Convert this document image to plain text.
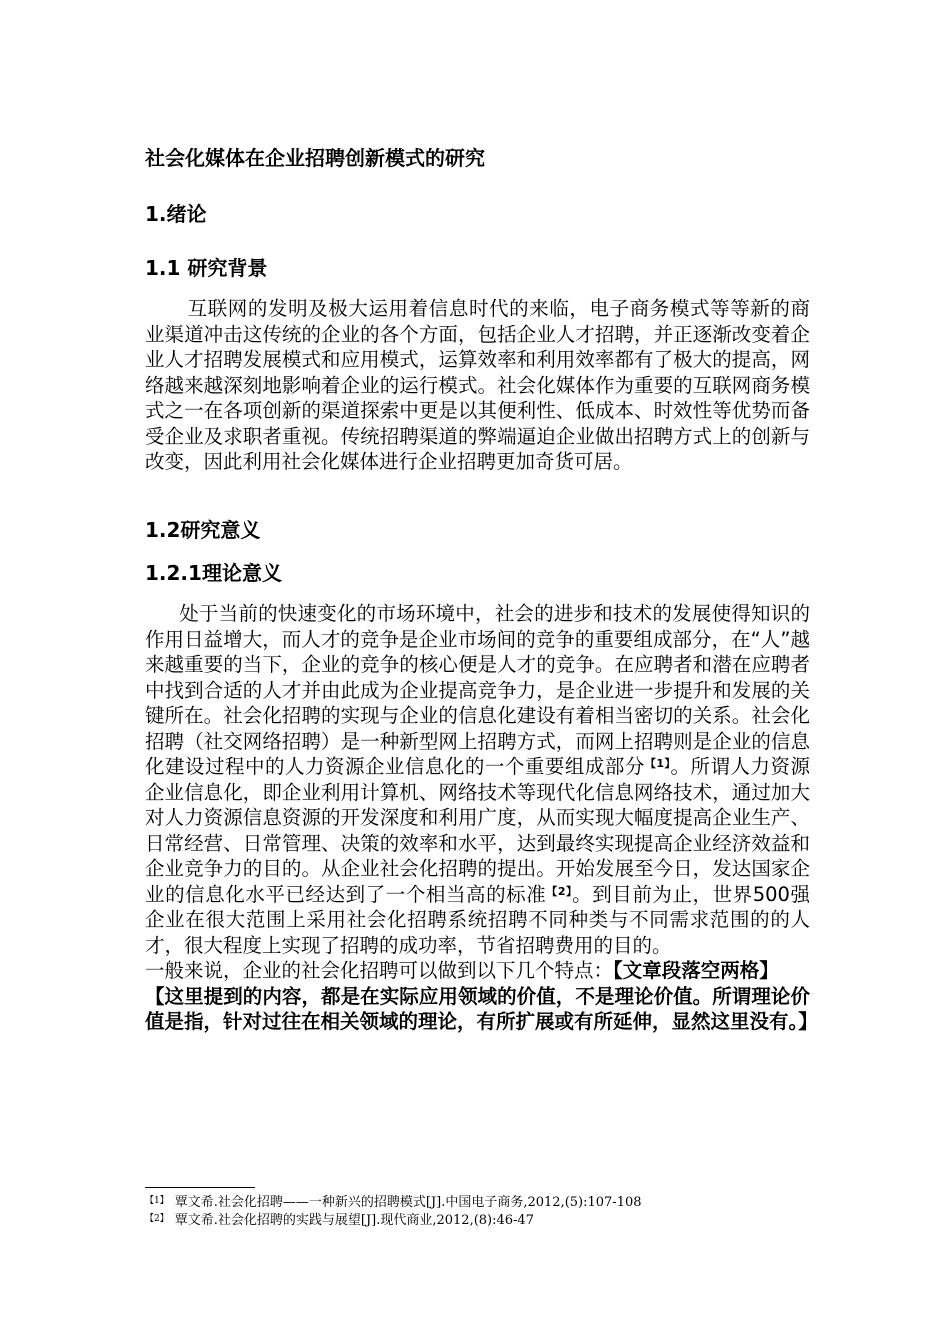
社会化媒体在企业招聘创新模式的研究
1.绪论
1.1 研究背景
互联网的发明及极大运用着信息时代的来临，电子商务模式等等新的商业渠道冲击这传统的企业的各个方面，包括企业人才招聘，并正逐渐改变着企业人才招聘发展模式和应用模式，运算效率和利用效率都有了极大的提高，网络越来越深刻地影响着企业的运行模式。社会化媒体作为重要的互联网商务模式之一在各项创新的渠道探索中更是以其便利性、低成本、时效性等优势而备受企业及求职者重视。传统招聘渠道的弊端逼迫企业做出招聘方式上的创新与改变，因此利用社会化媒体进行企业招聘更加奇货可居。
1.2研究意义
1.2.1理论意义
处于当前的快速变化的市场环境中，社会的进步和技术的发展使得知识的作用日益增大，而人才的竞争是企业市场间的竞争的重要组成部分，在“人”越来越重要的当下，企业的竞争的核心便是人才的竞争。在应聘者和潜在应聘者中找到合适的人才并由此成为企业提高竞争力，是企业进一步提升和发展的关键所在。社会化招聘的实现与企业的信息化建设有着相当密切的关系。社会化招聘（社交网络招聘）是一种新型网上招聘方式，而网上招聘则是企业的信息化建设过程中的人力资源企业信息化的一个重要组成部分$^{【1】}$。所谓人力资源企业信息化，即企业利用计算机、网络技术等现代化信息网络技术，通过加大对人力资源信息资源的开发深度和利用广度，从而实现大幅度提高企业生产、日常经营、日常管理、决策的效率和水平，达到最终实现提高企业经济效益和企业竞争力的目的。从企业社会化招聘的提出。开始发展至今日，发达国家企业的信息化水平已经达到了一个相当高的标准$^{【2】}$。到目前为止，世界500强企业在很大范围上采用社会化招聘系统招聘不同种类与不同需求范围的的人才，很大程度上实现了招聘的成功率，节省招聘费用的目的。
一般来说，企业的社会化招聘可以做到以下几个特点：【文章段落空两格】
【这里提到的内容，都是在实际应用领域的价值，不是理论价值。所谓理论价值是指，针对过往在相关领域的理论，有所扩展或有所延伸，显然这里没有。】
$^{【1】}$ 覃文希.社会化招聘——一种新兴的招聘模式[J].中国电子商务,2012,(5):107-108
$^{【2】}$ 覃文希.社会化招聘的实践与展望[J].现代商业,2012,(8):46-47
